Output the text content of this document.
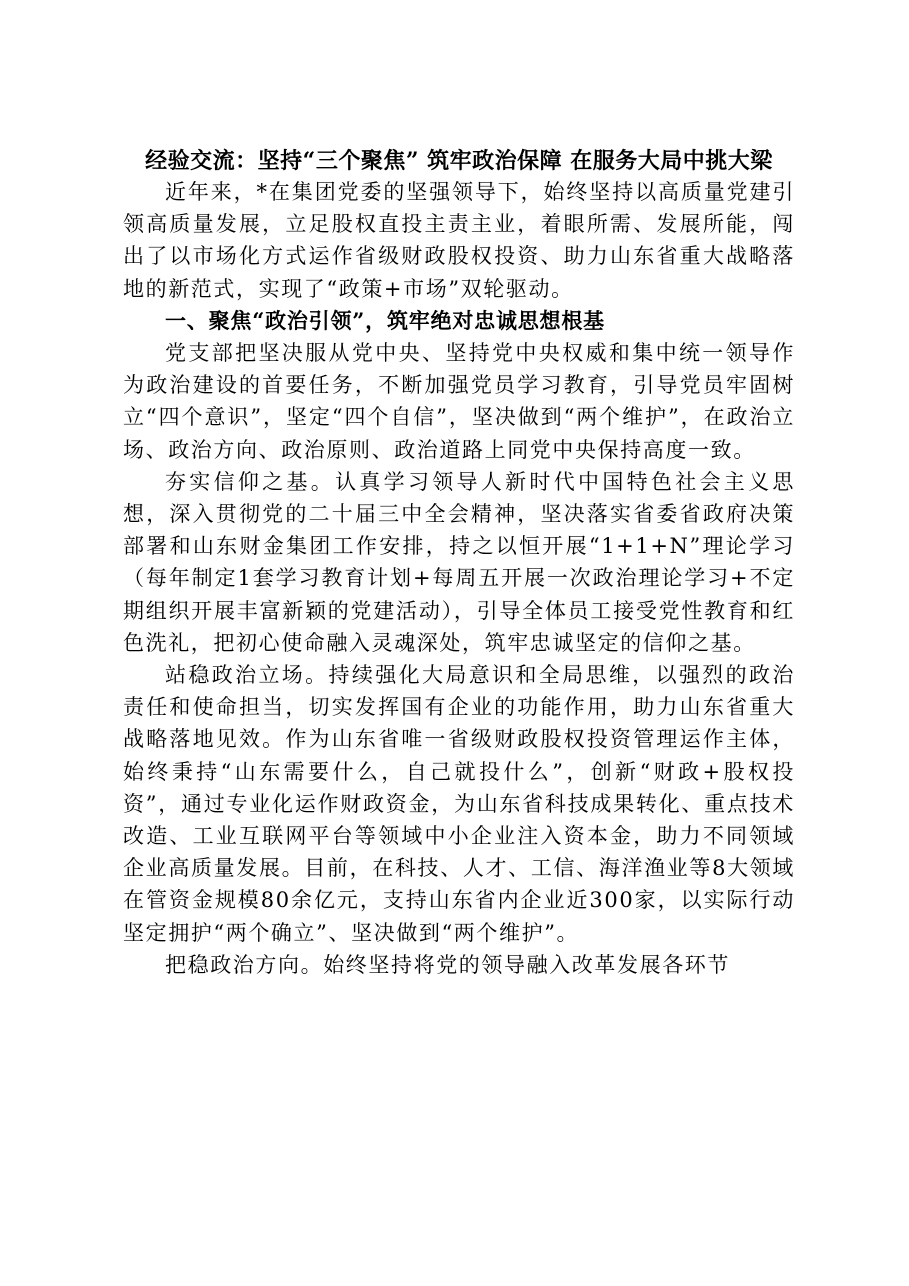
经验交流：坚持“三个聚焦” 筑牢政治保障 在服务大局中挑大梁

近年来，*在集团党委的坚强领导下，始终坚持以高质量党建引领高质量发展，立足股权直投主责主业，着眼所需、发展所能，闯出了以市场化方式运作省级财政股权投资、助力山东省重大战略落地的新范式，实现了“政策+市场”双轮驱动。

一、聚焦“政治引领”，筑牢绝对忠诚思想根基

党支部把坚决服从党中央、坚持党中央权威和集中统一领导作为政治建设的首要任务，不断加强党员学习教育，引导党员牢固树立“四个意识”，坚定“四个自信”，坚决做到“两个维护”，在政治立场、政治方向、政治原则、政治道路上同党中央保持高度一致。

夯实信仰之基。认真学习领导人新时代中国特色社会主义思想，深入贯彻党的二十届三中全会精神，坚决落实省委省政府决策部署和山东财金集团工作安排，持之以恒开展“1+1+N”理论学习（每年制定1套学习教育计划+每周五开展一次政治理论学习+不定期组织开展丰富新颖的党建活动），引导全体员工接受党性教育和红色洗礼，把初心使命融入灵魂深处，筑牢忠诚坚定的信仰之基。

站稳政治立场。持续强化大局意识和全局思维，以强烈的政治责任和使命担当，切实发挥国有企业的功能作用，助力山东省重大战略落地见效。作为山东省唯一省级财政股权投资管理运作主体，始终秉持“山东需要什么，自己就投什么”，创新“财政+股权投资”，通过专业化运作财政资金，为山东省科技成果转化、重点技术改造、工业互联网平台等领域中小企业注入资本金，助力不同领域企业高质量发展。目前，在科技、人才、工信、海洋渔业等8大领域在管资金规模80余亿元，支持山东省内企业近300家，以实际行动坚定拥护“两个确立”、坚决做到“两个维护”。

把稳政治方向。始终坚持将党的领导融入改革发展各环节
